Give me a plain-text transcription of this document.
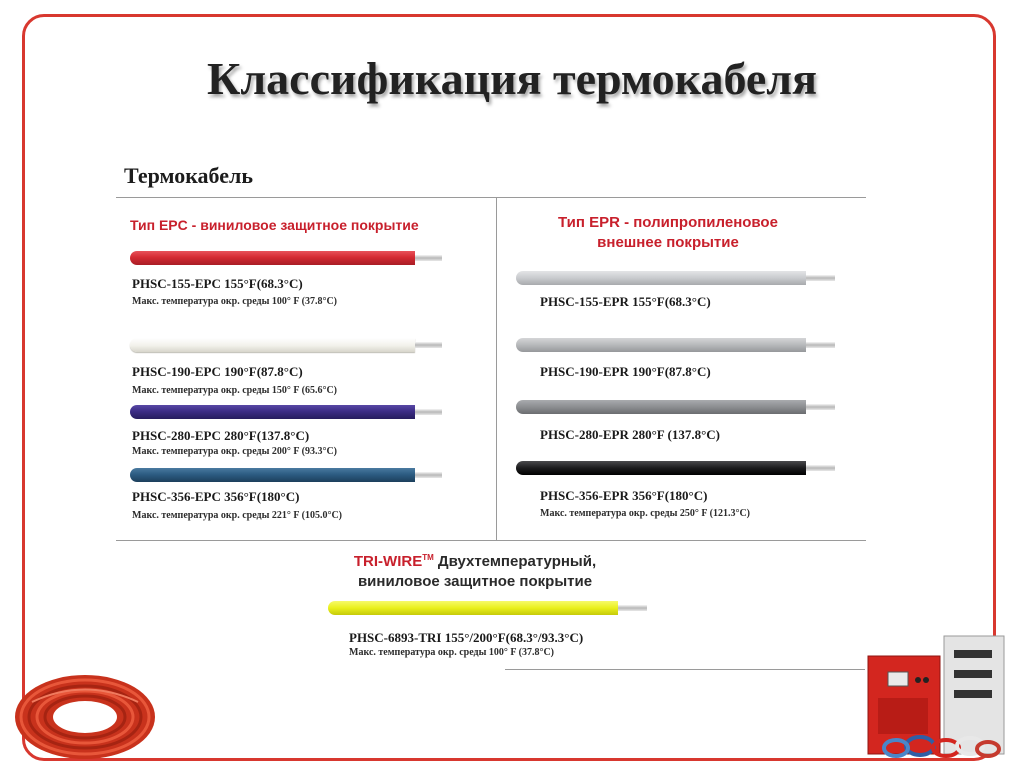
Классификация термокабеля
Термокабель
Тип EPC - виниловое защитное покрытие
PHSC-155-EPC 155°F(68.3°C)
Макс. температура окр. среды 100° F (37.8°C)
PHSC-190-EPC 190°F(87.8°C)
Макс. температура окр. среды 150° F (65.6°C)
PHSC-280-EPC 280°F(137.8°C)
Макс. температура окр. среды 200° F (93.3°C)
PHSC-356-EPC 356°F(180°C)
Макс. температура окр. среды 221° F (105.0°C)
Тип EPR - полипропиленовое
внешнее покрытие
PHSC-155-EPR 155°F(68.3°C)
PHSC-190-EPR 190°F(87.8°C)
PHSC-280-EPR 280°F (137.8°C)
PHSC-356-EPR 356°F(180°C)
Макс. температура окр. среды 250° F (121.3°C)
TRI-WIRE™ Двухтемпературный,
виниловое защитное покрытие
PHSC-6893-TRI 155°/200°F(68.3°/93.3°C)
Макс. температура окр. среды 100° F (37.8°C)
